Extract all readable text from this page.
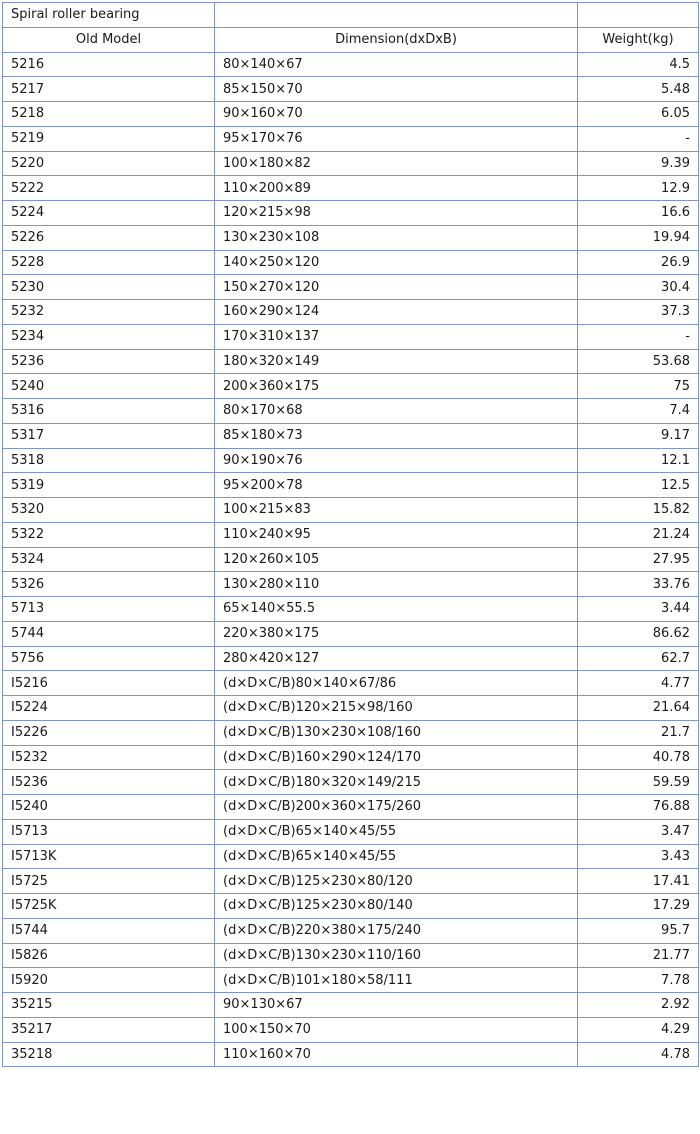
Spiral roller bearing		
Old Model	Dimension(dxDxB)	Weight(kg)
5216	80×140×67	4.5
5217	85×150×70	5.48
5218	90×160×70	6.05
5219	95×170×76	-
5220	100×180×82	9.39
5222	110×200×89	12.9
5224	120×215×98	16.6
5226	130×230×108	19.94
5228	140×250×120	26.9
5230	150×270×120	30.4
5232	160×290×124	37.3
5234	170×310×137	-
5236	180×320×149	53.68
5240	200×360×175	75
5316	80×170×68	7.4
5317	85×180×73	9.17
5318	90×190×76	12.1
5319	95×200×78	12.5
5320	100×215×83	15.82
5322	110×240×95	21.24
5324	120×260×105	27.95
5326	130×280×110	33.76
5713	65×140×55.5	3.44
5744	220×380×175	86.62
5756	280×420×127	62.7
I5216	(d×D×C/B)80×140×67/86	4.77
I5224	(d×D×C/B)120×215×98/160	21.64
I5226	(d×D×C/B)130×230×108/160	21.7
I5232	(d×D×C/B)160×290×124/170	40.78
I5236	(d×D×C/B)180×320×149/215	59.59
I5240	(d×D×C/B)200×360×175/260	76.88
I5713	(d×D×C/B)65×140×45/55	3.47
I5713K	(d×D×C/B)65×140×45/55	3.43
I5725	(d×D×C/B)125×230×80/120	17.41
I5725K	(d×D×C/B)125×230×80/140	17.29
I5744	(d×D×C/B)220×380×175/240	95.7
I5826	(d×D×C/B)130×230×110/160	21.77
I5920	(d×D×C/B)101×180×58/111	7.78
35215	90×130×67	2.92
35217	100×150×70	4.29
35218	110×160×70	4.78
